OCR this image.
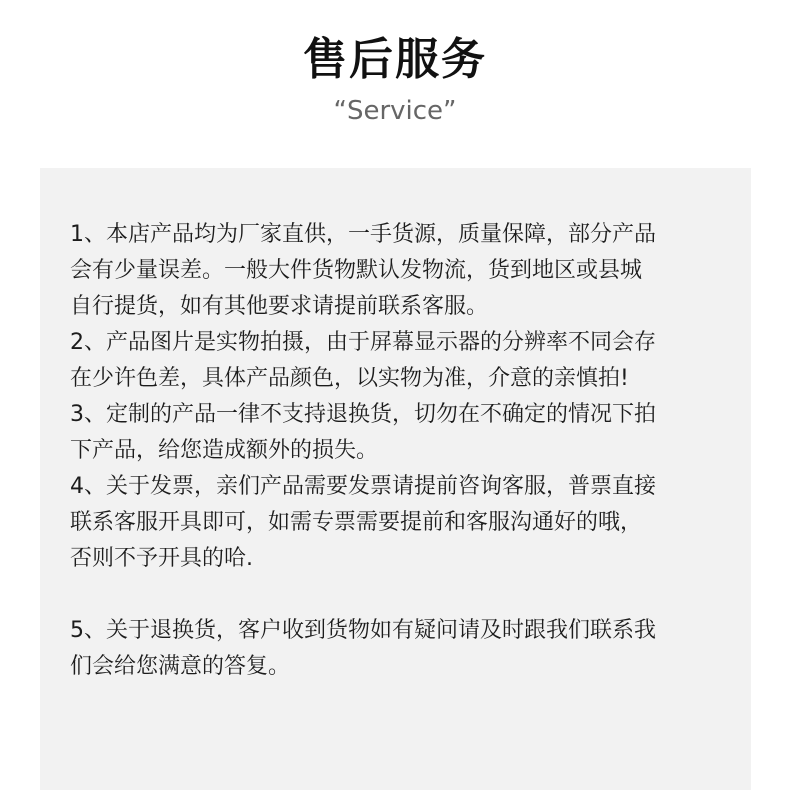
售后服务
“Service”

1、本店产品均为厂家直供，一手货源，质量保障，部分产品
会有少量误差。一般大件货物默认发物流，货到地区或县城
自行提货，如有其他要求请提前联系客服。

2、产品图片是实物拍摄，由于屏幕显示器的分辨率不同会存
在少许色差，具体产品颜色，以实物为准，介意的亲慎拍!

3、定制的产品一律不支持退换货，切勿在不确定的情况下拍
下产品，给您造成额外的损失。

4、关于发票，亲们产品需要发票请提前咨询客服，普票直接
联系客服开具即可，如需专票需要提前和客服沟通好的哦，
否则不予开具的哈.

5、关于退换货，客户收到货物如有疑问请及时跟我们联系我
们会给您满意的答复。
